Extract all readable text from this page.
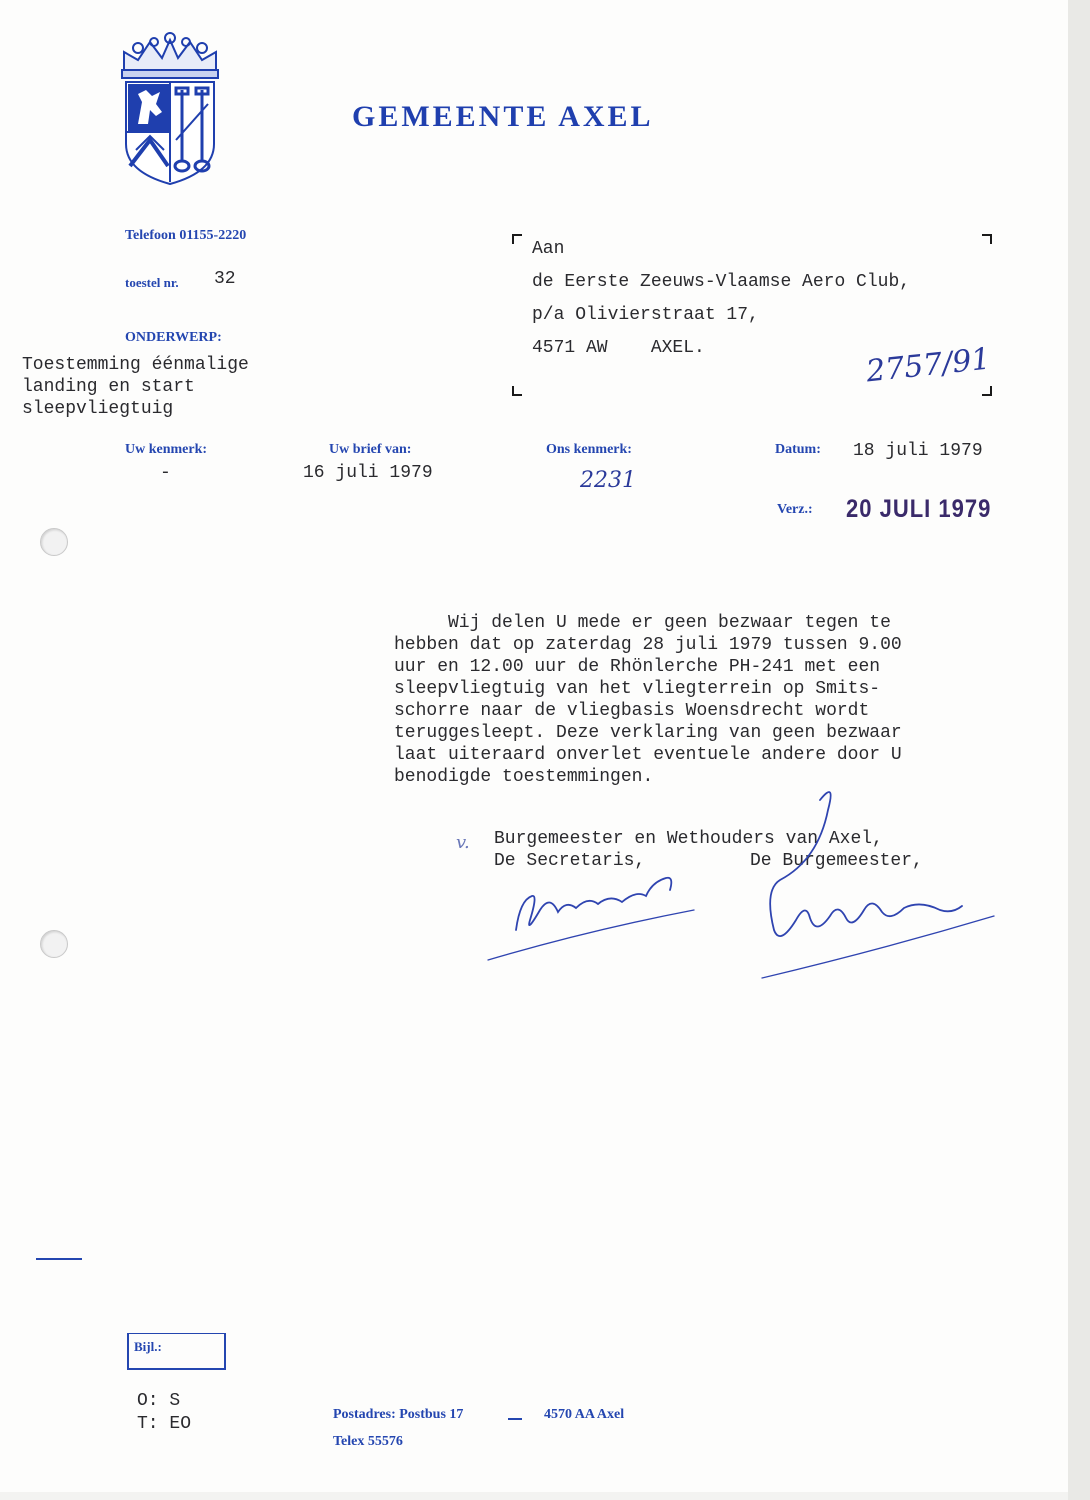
GEMEENTE AXEL
Telefoon 01155-2220
toestel nr. 32
ONDERWERP:
Toestemming éénmalige
landing en start
sleepvliegtuig
Aan
de Eerste Zeeuws-Vlaamse Aero Club,
p/a Olivierstraat 17,
4571 AW    AXEL.	2757/91
Uw kenmerk:
-
Uw brief van:
16 juli 1979
Ons kenmerk:
2231
Datum: 18 juli 1979
Verz.: 20 JULI 1979
Wij delen U mede er geen bezwaar tegen te
hebben dat op zaterdag 28 juli 1979 tussen 9.00
uur en 12.00 uur de Rhönlerche PH-241 met een
sleepvliegtuig van het vliegterrein op Smits-
schorre naar de vliegbasis Woensdrecht wordt
teruggesleept. Deze verklaring van geen bezwaar
laat uiteraard onverlet eventuele andere door U
benodigde toestemmingen.
v. Burgemeester en Wethouders van Axel,
De Secretaris,	De Burgemeester,
Bijl.:
O: S
T: EO	Postadres: Postbus 17	4570 AA Axel
Telex 55576
